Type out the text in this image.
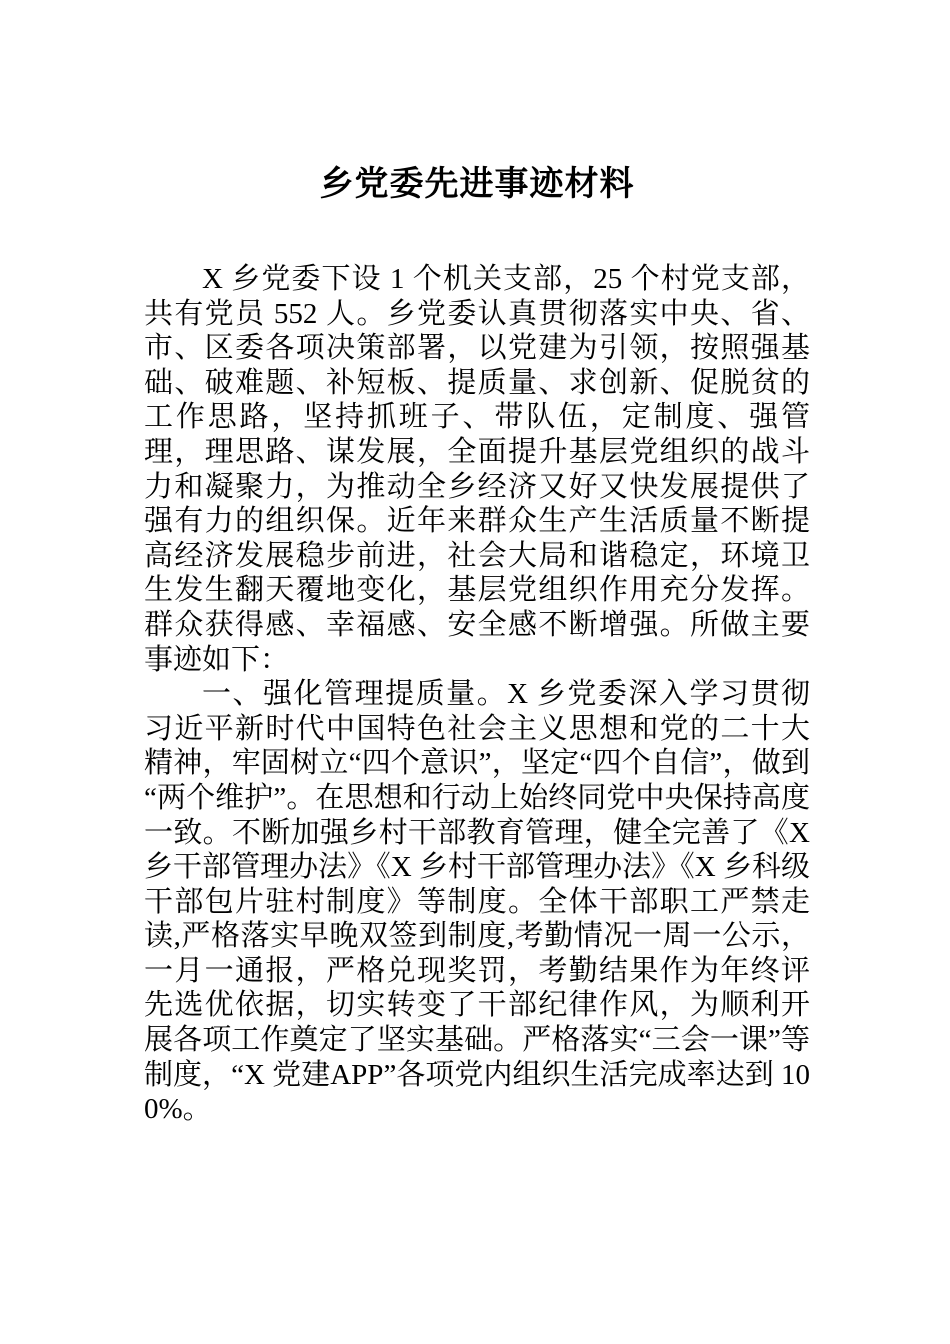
乡党委先进事迹材料

X 乡党委下设 1 个机关支部，25 个村党支部，共有党员 552 人。乡党委认真贯彻落实中央、省、市、区委各项决策部署，以党建为引领，按照强基础、破难题、补短板、提质量、求创新、促脱贫的工作思路，坚持抓班子、带队伍，定制度、强管理，理思路、谋发展，全面提升基层党组织的战斗力和凝聚力，为推动全乡经济又好又快发展提供了强有力的组织保。近年来群众生产生活质量不断提高经济发展稳步前进，社会大局和谐稳定，环境卫生发生翻天覆地变化，基层党组织作用充分发挥。群众获得感、幸福感、安全感不断增强。所做主要事迹如下：

一、强化管理提质量。X 乡党委深入学习贯彻习近平新时代中国特色社会主义思想和党的二十大精神，牢固树立“四个意识”，坚定“四个自信”，做到“两个维护”。在思想和行动上始终同党中央保持高度一致。不断加强乡村干部教育管理，健全完善了《X 乡干部管理办法》《X 乡村干部管理办法》《X 乡科级干部包片驻村制度》等制度。全体干部职工严禁走读,严格落实早晚双签到制度,考勤情况一周一公示，一月一通报，严格兑现奖罚，考勤结果作为年终评先选优依据，切实转变了干部纪律作风，为顺利开展各项工作奠定了坚实基础。严格落实“三会一课”等制度，“X 党建APP”各项党内组织生活完成率达到 100%。
